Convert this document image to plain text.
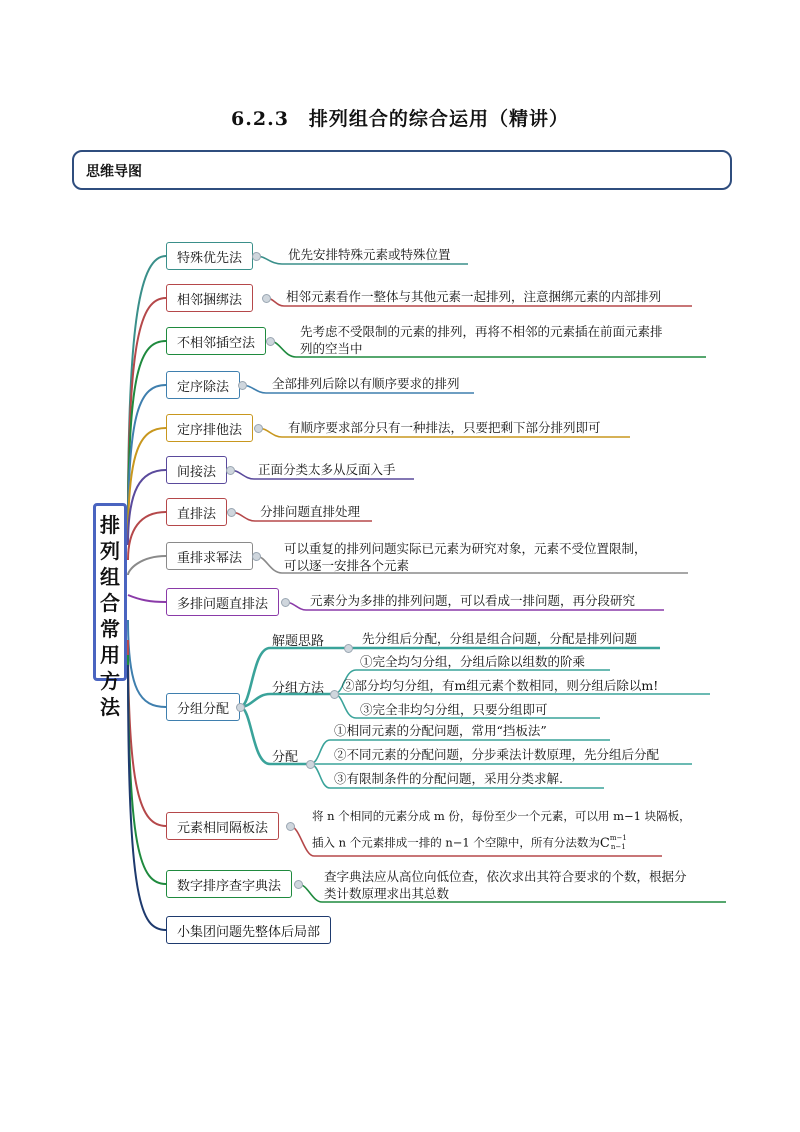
6.2.3　排列组合的综合运用（精讲）
思维导图
排
列
组
合
常
用
方
法
特殊优先法	优先安排特殊元素或特殊位置
相邻捆绑法	相邻元素看作一整体与其他元素一起排列，注意捆绑元素的内部排列
不相邻插空法
先考虑不受限制的元素的排列，再将不相邻的元素插在前面元素排
列的空当中
定序除法	全部排列后除以有顺序要求的排列
定序排他法	有顺序要求部分只有一种排法，只要把剩下部分排列即可
间接法	正面分类太多从反面入手
直排法	分排问题直排处理
重排求幂法
可以重复的排列问题实际已元素为研究对象，元素不受位置限制，
可以逐一安排各个元素
多排问题直排法	元素分为多排的排列问题，可以看成一排问题，再分段研究
分组分配
解题思路	先分组后分配，分组是组合问题，分配是排列问题
分组方法
①完全均匀分组，分组后除以组数的阶乘
②部分均匀分组，有m组元素个数相同，则分组后除以m!
③完全非均匀分组，只要分组即可
分配
①相同元素的分配问题，常用“挡板法”
②不同元素的分配问题，分步乘法计数原理，先分组后分配
③有限制条件的分配问题，采用分类求解.
元素相同隔板法
将 n 个相同的元素分成 m 份，每份至少一个元素，可以用 m−1 块隔板，
插入 n 个元素排成一排的 n−1 个空隙中，所有分法数为 C m−1
n−1
数字排序查字典法
查字典法应从高位向低位查，依次求出其符合要求的个数，根据分
类计数原理求出其总数
小集团问题先整体后局部
